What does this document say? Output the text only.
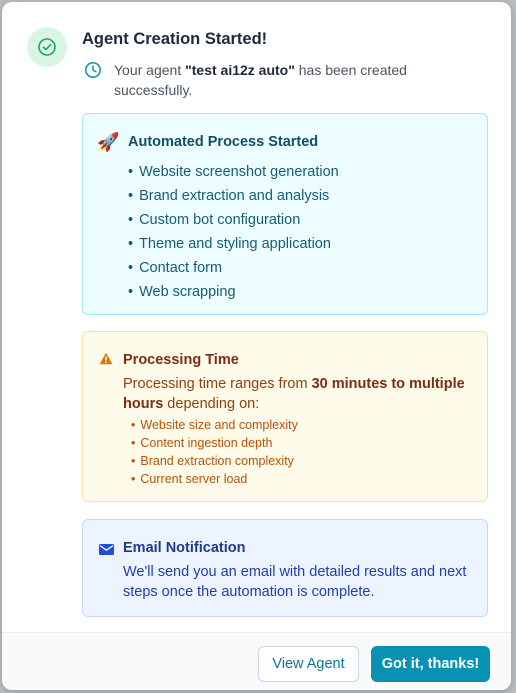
Agent Creation Started!
Your agent "test ai12z auto" has been created successfully.
🚀 Automated Process Started
• Website screenshot generation
• Brand extraction and analysis
• Custom bot configuration
• Theme and styling application
• Contact form
• Web scrapping
Processing Time
Processing time ranges from 30 minutes to multiple hours depending on:
• Website size and complexity
• Content ingestion depth
• Brand extraction complexity
• Current server load
Email Notification
We'll send you an email with detailed results and next steps once the automation is complete.
View Agent	Got it, thanks!
